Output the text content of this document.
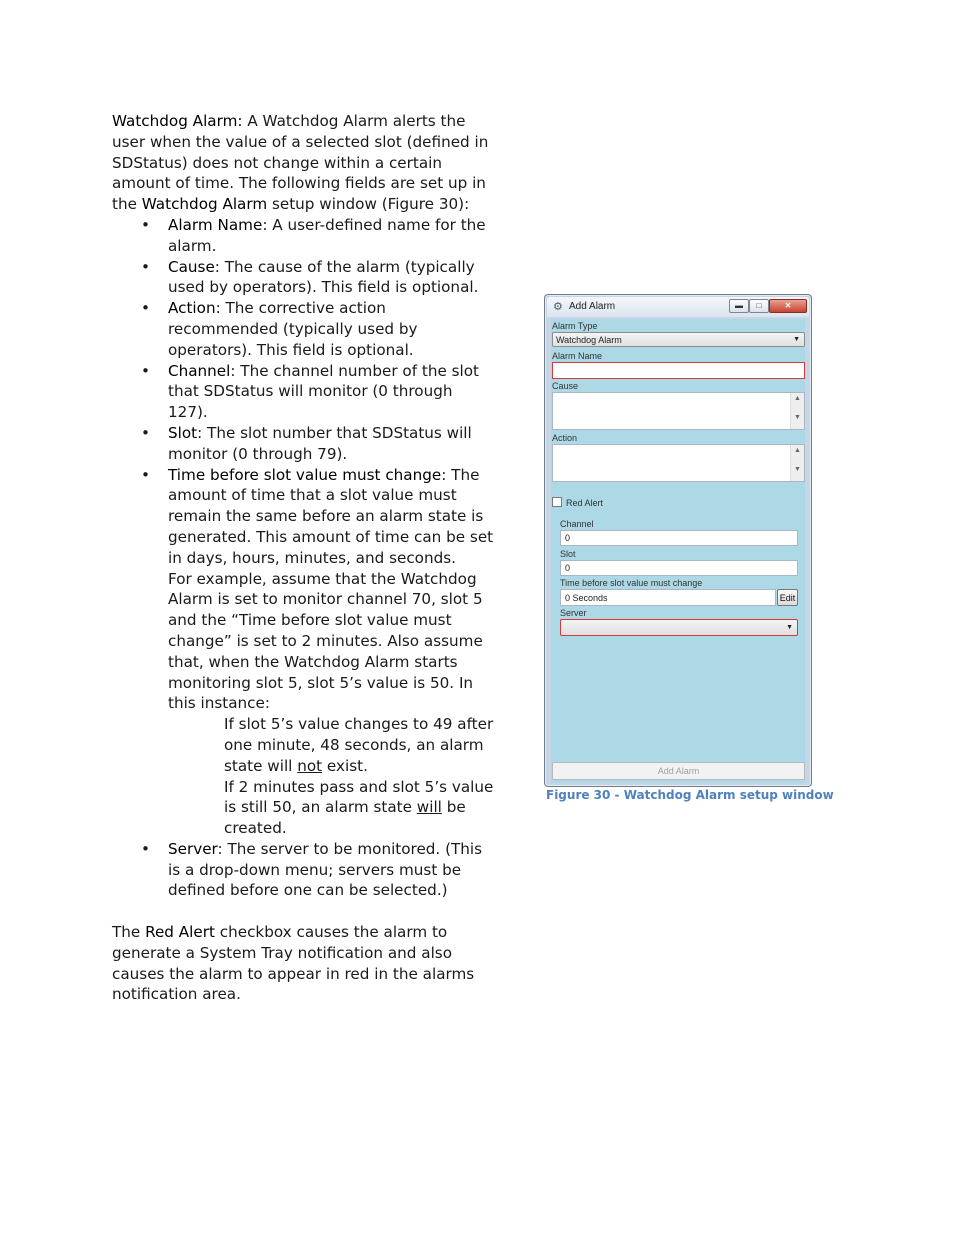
Watchdog Alarm: A Watchdog Alarm alerts the user when the value of a selected slot (defined in SDStatus) does not change within a certain amount of time. The following fields are set up in the Watchdog Alarm setup window (Figure 30):

• Alarm Name: A user-defined name for the alarm.
• Cause: The cause of the alarm (typically used by operators). This field is optional.
• Action: The corrective action recommended (typically used by operators). This field is optional.
• Channel: The channel number of the slot that SDStatus will monitor (0 through 127).
• Slot: The slot number that SDStatus will monitor (0 through 79).
• Time before slot value must change: The amount of time that a slot value must remain the same before an alarm state is generated. This amount of time can be set in days, hours, minutes, and seconds.

For example, assume that the Watchdog Alarm is set to monitor channel 70, slot 5 and the “Time before slot value must change” is set to 2 minutes. Also assume that, when the Watchdog Alarm starts monitoring slot 5, slot 5’s value is 50. In this instance:

If slot 5’s value changes to 49 after one minute, 48 seconds, an alarm state will not exist.

If 2 minutes pass and slot 5’s value is still 50, an alarm state will be created.

• Server: The server to be monitored. (This is a drop-down menu; servers must be defined before one can be selected.)

The Red Alert checkbox causes the alarm to generate a System Tray notification and also causes the alarm to appear in red in the alarms notification area.

⚙ Add Alarm	▬	□	✕
Alarm Type
Watchdog Alarm	▼
Alarm Name
Cause
▲
▼
Action
▲
▼
Red Alert
Channel
0
Slot
0
Time before slot value must change
0 Seconds	Edit
Server
▼
Add Alarm
Figure 30 - Watchdog Alarm setup window
